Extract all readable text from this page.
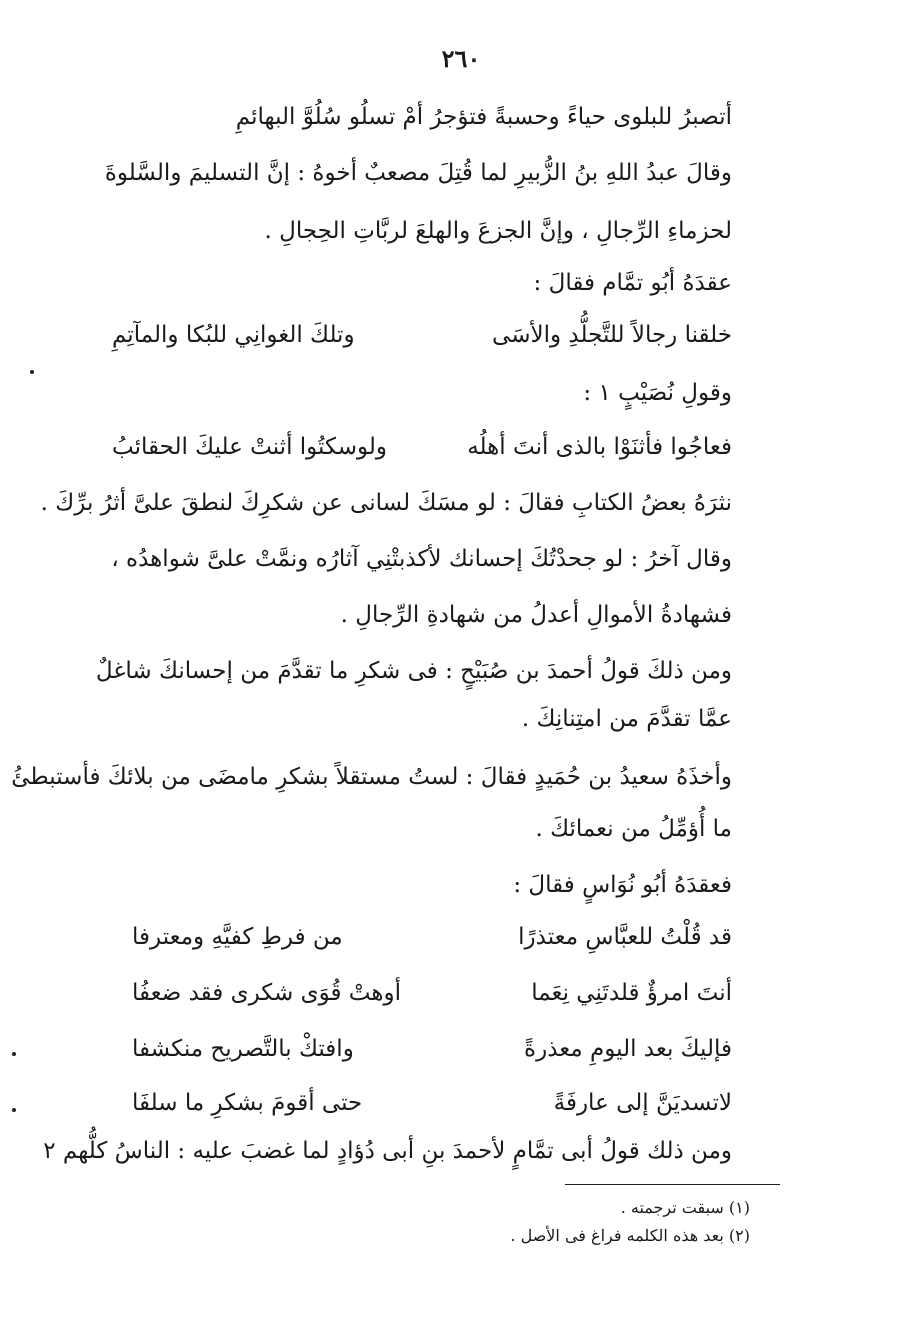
٢٦٠
أتصبرُ للبلوى حياءً وحسبةً فتؤجرُ أمْ تسلُو سُلُوَّ البهائمِ
وقالَ عبدُ اللهِ بنُ الزُّبيرِ لما قُتِلَ مصعبٌ أخوهُ : إنَّ التسليمَ والسَّلوةَ
لحزماءِ الرِّجالِ ، وإنَّ الجزعَ والهلعَ لربَّاتِ الحِجالِ .
عقدَهُ أبُو تمَّام فقالَ :
خلقنا رجالاً للتَّجلُّدِ والأسَى
وتلكَ الغوانِي للبُكا والمآتِمِ
وقولِ نُصَيْبٍ ١ :
فعاجُوا فأثنَوْا بالذى أنتَ أهلُه
ولوسكتُوا أثنتْ عليكَ الحقائبُ
نثرَهُ بعضُ الكتابِ فقالَ : لو مسَكَ لسانى عن شكرِكَ لنطقَ علىَّ أثرُ برِّكَ .
وقال آخرُ : لو جحدْتُكَ إحسانك لأكذبتْنِي آثارُه ونمَّتْ علىَّ شواهدُه ،
فشهادةُ الأموالِ أعدلُ من شهادةِ الرِّجالِ .
ومن ذلكَ قولُ أحمدَ بن صُبَيْحٍ : فى شكرِ ما تقدَّمَ من إحسانكَ شاغلٌ
عمَّا تقدَّمَ من امتِنانِكَ .
وأخذَهُ سعيدُ بن حُمَيدٍ فقالَ : لستُ مستقلاً بشكرِ مامضَى من بلائكَ فأستبطئُ
ما أُؤمِّلُ من نعمائكَ .
فعقدَهُ أبُو نُوَاسٍ فقالَ :
قد قُلْتُ للعبَّاسِ معتذرًا
من فرطِ كفيَّهِ ومعترفا
أنتَ امرؤٌ قلدتَنِي نِعَما
أوهتْ قُوَى شكرى فقد ضعفُا
فإليكَ بعد اليومِ معذرةً
وافتكْ بالتَّصريح منكشفا
لاتسديَنَّ إلى عارفَةً
حتى أقومَ بشكرِ ما سلفَا
ومن ذلك قولُ أبى تمَّامٍ لأحمدَ بنِ أبى دُؤادٍ لما غضبَ عليه : الناسُ كلُّهم ٢
(١) سبقت ترجمته .
(٢) بعد هذه الكلمه فراغ فى الأصل .
